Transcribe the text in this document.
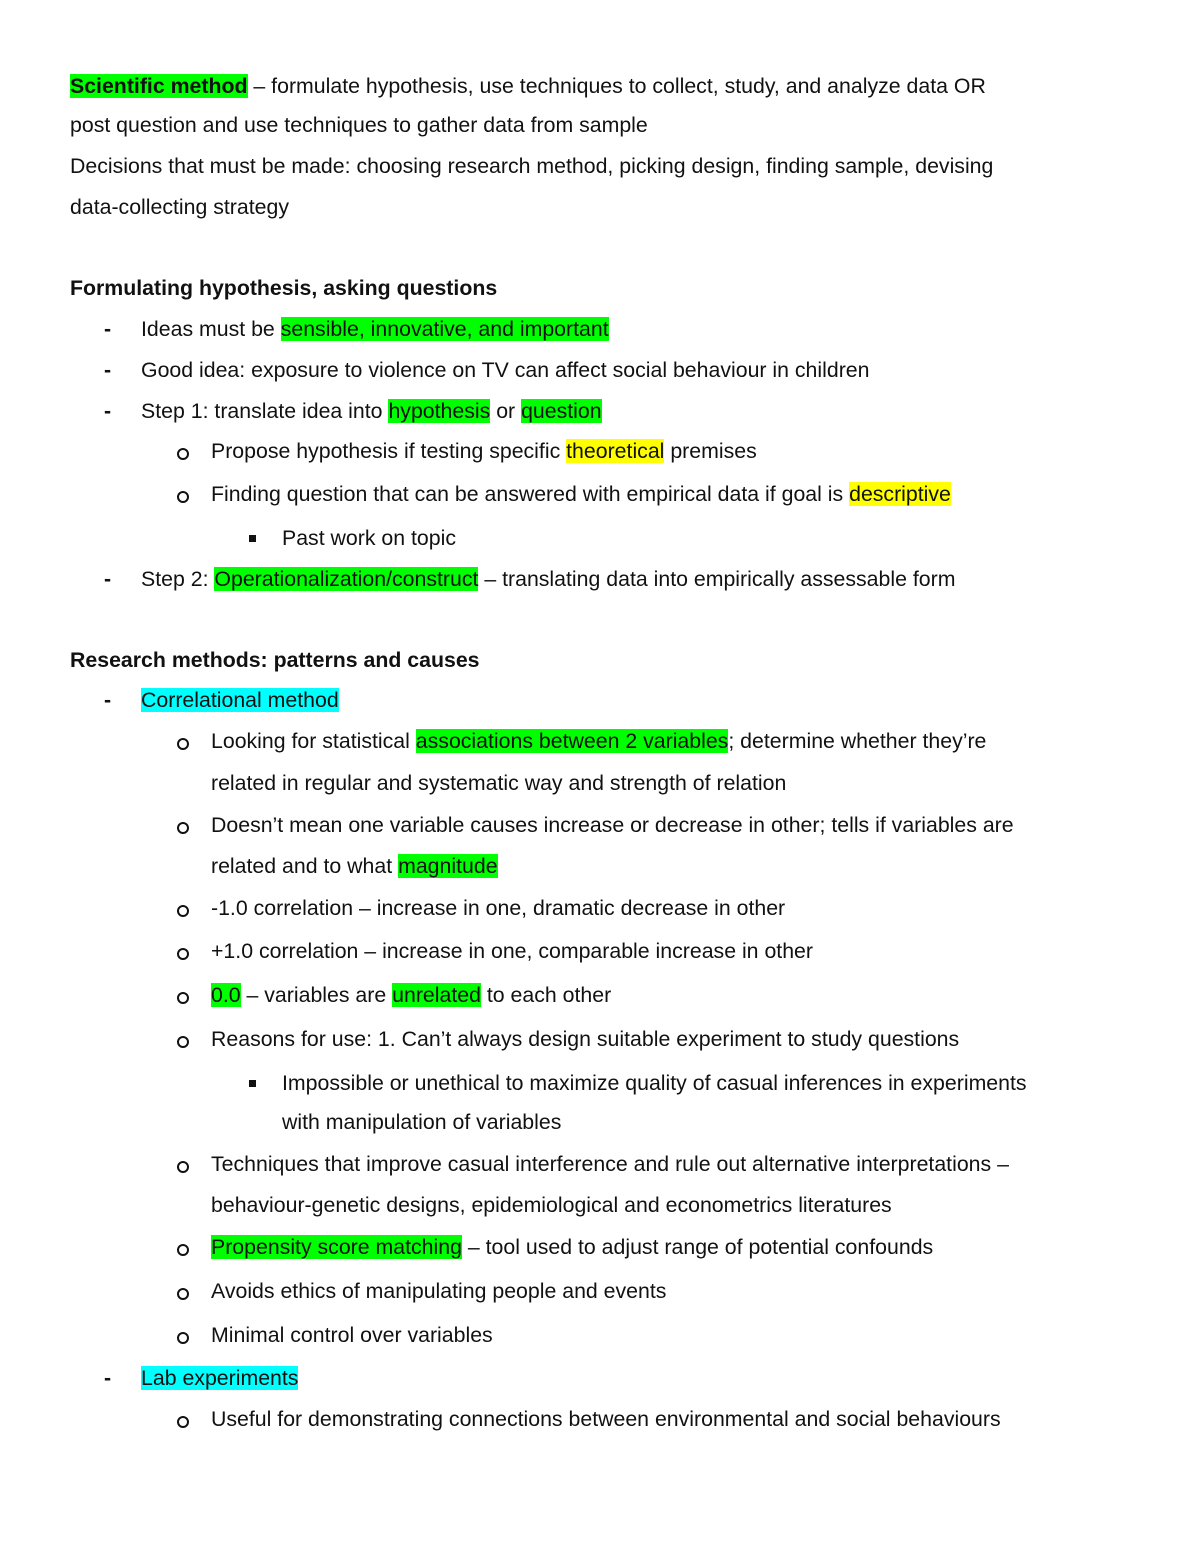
Scientific method – formulate hypothesis, use techniques to collect, study, and analyze data OR
post question and use techniques to gather data from sample
Decisions that must be made: choosing research method, picking design, finding sample, devising
data-collecting strategy
Formulating hypothesis, asking questions
- Ideas must be sensible, innovative, and important
- Good idea: exposure to violence on TV can affect social behaviour in children
- Step 1: translate idea into hypothesis or question
Propose hypothesis if testing specific theoretical premises
Finding question that can be answered with empirical data if goal is descriptive
Past work on topic
- Step 2: Operationalization/construct – translating data into empirically assessable form
Research methods: patterns and causes
- Correlational method
Looking for statistical associations between 2 variables; determine whether they’re
related in regular and systematic way and strength of relation
Doesn’t mean one variable causes increase or decrease in other; tells if variables are
related and to what magnitude
-1.0 correlation – increase in one, dramatic decrease in other
+1.0 correlation – increase in one, comparable increase in other
0.0 – variables are unrelated to each other
Reasons for use: 1. Can’t always design suitable experiment to study questions
Impossible or unethical to maximize quality of casual inferences in experiments
with manipulation of variables
Techniques that improve casual interference and rule out alternative interpretations –
behaviour-genetic designs, epidemiological and econometrics literatures
Propensity score matching – tool used to adjust range of potential confounds
Avoids ethics of manipulating people and events
Minimal control over variables
- Lab experiments
Useful for demonstrating connections between environmental and social behaviours
